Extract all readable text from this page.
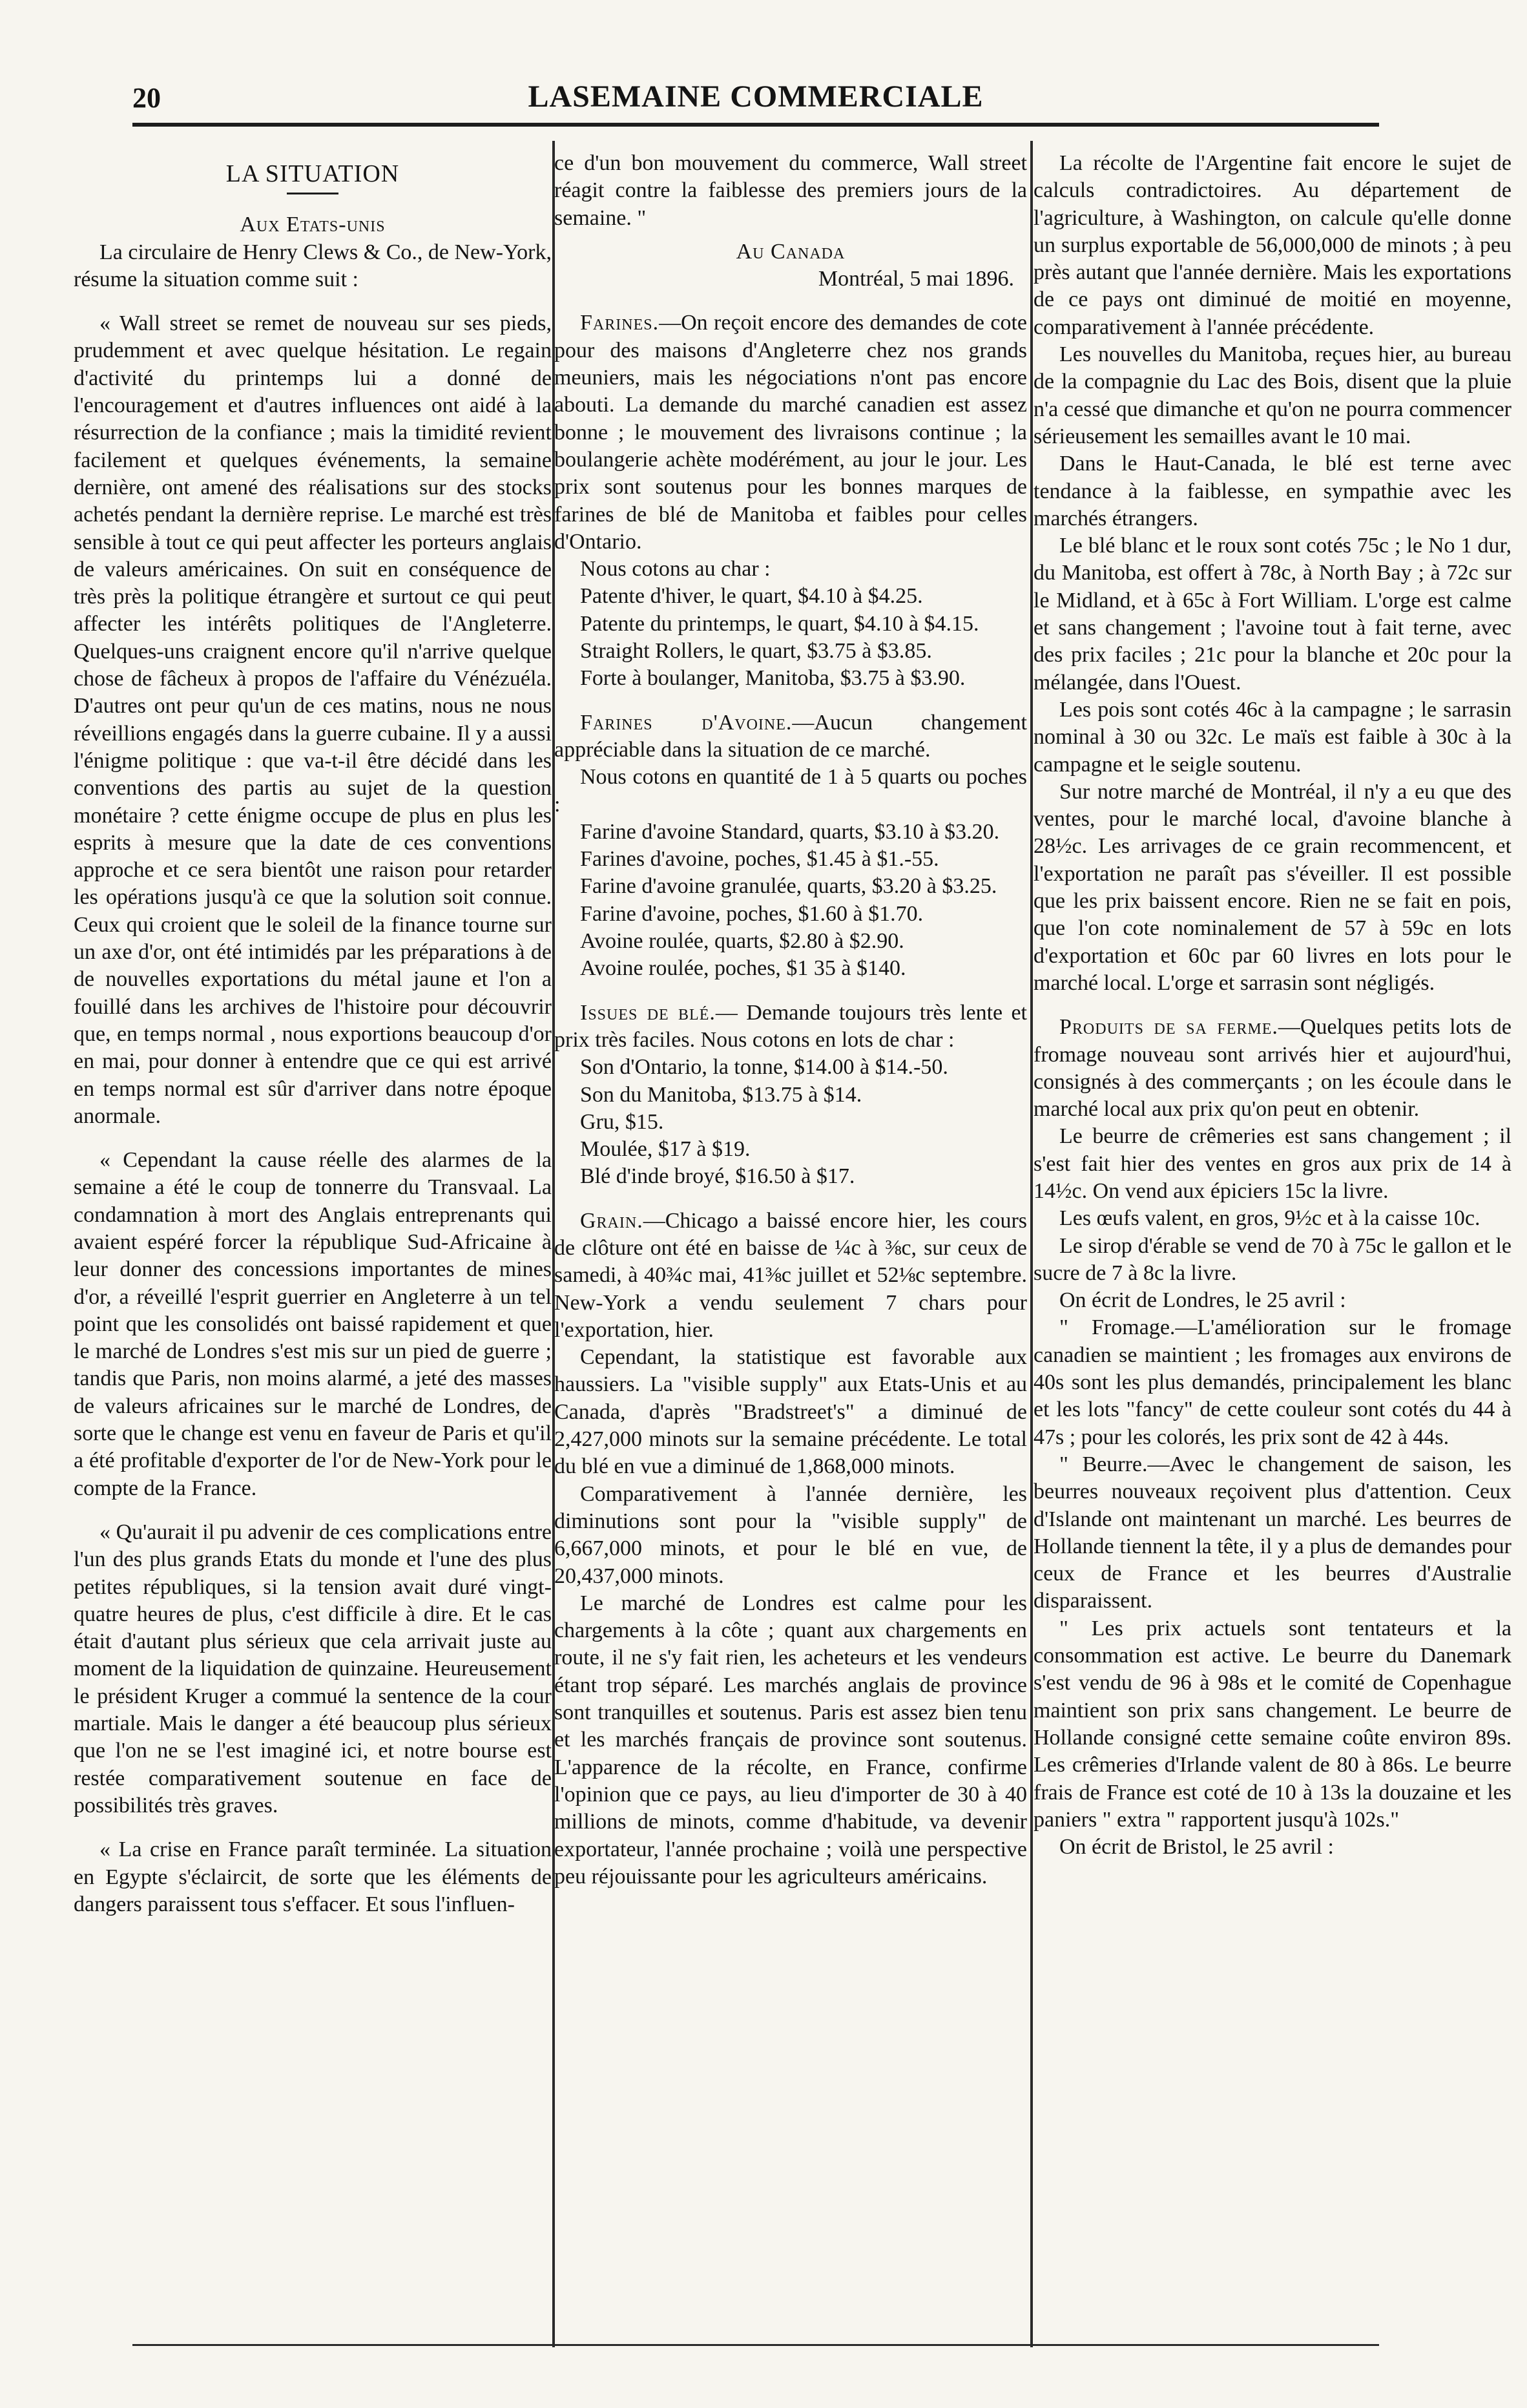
20	LASEMAINE COMMERCIALE
LA SITUATION

Aux Etats-unis

La circulaire de Henry Clews & Co., de New-York, résume la situation comme suit :

« Wall street se remet de nouveau sur ses pieds, prudemment et avec quelque hésitation. Le regain d'activité du printemps lui a donné de l'encouragement et d'autres influences ont aidé à la résurrection de la confiance ; mais la timidité revient facilement et quelques événements, la semaine dernière, ont amené des réalisations sur des stocks achetés pendant la dernière reprise. Le marché est très sensible à tout ce qui peut affecter les porteurs anglais de valeurs américaines. On suit en conséquence de très près la politique étrangère et surtout ce qui peut affecter les intérêts politiques de l'Angleterre. Quelques-uns craignent encore qu'il n'arrive quelque chose de fâcheux à propos de l'affaire du Vénézuéla. D'autres ont peur qu'un de ces matins, nous ne nous réveillions engagés dans la guerre cubaine. Il y a aussi l'énigme politique : que va-t-il être décidé dans les conventions des partis au sujet de la question monétaire ? cette énigme occupe de plus en plus les esprits à mesure que la date de ces conventions approche et ce sera bientôt une raison pour retarder les opérations jusqu'à ce que la solution soit connue. Ceux qui croient que le soleil de la finance tourne sur un axe d'or, ont été intimidés par les préparations à de de nouvelles exportations du métal jaune et l'on a fouillé dans les archives de l'histoire pour découvrir que, en temps normal , nous exportions beaucoup d'or en mai, pour donner à entendre que ce qui est arrivé en temps normal est sûr d'arriver dans notre époque anormale.

« Cependant la cause réelle des alarmes de la semaine a été le coup de tonnerre du Transvaal. La condamnation à mort des Anglais entreprenants qui avaient espéré forcer la république Sud-Africaine à leur donner des concessions importantes de mines d'or, a réveillé l'esprit guerrier en Angleterre à un tel point que les consolidés ont baissé rapidement et que le marché de Londres s'est mis sur un pied de guerre ; tandis que Paris, non moins alarmé, a jeté des masses de valeurs africaines sur le marché de Londres, de sorte que le change est venu en faveur de Paris et qu'il a été profitable d'exporter de l'or de New-York pour le compte de la France.

« Qu'aurait il pu advenir de ces complications entre l'un des plus grands Etats du monde et l'une des plus petites républiques, si la tension avait duré vingt-quatre heures de plus, c'est difficile à dire. Et le cas était d'autant plus sérieux que cela arrivait juste au moment de la liquidation de quinzaine. Heureusement le président Kruger a commué la sentence de la cour martiale. Mais le danger a été beaucoup plus sérieux que l'on ne se l'est imaginé ici, et notre bourse est restée comparativement soutenue en face de possibilités très graves.

« La crise en France paraît terminée. La situation en Egypte s'éclaircit, de sorte que les éléments de dangers paraissent tous s'effacer. Et sous l'influen-

ce d'un bon mouvement du commerce, Wall street réagit contre la faiblesse des premiers jours de la semaine. "

Au Canada

Montréal, 5 mai 1896.

Farines.—On reçoit encore des demandes de cote pour des maisons d'Angleterre chez nos grands meuniers, mais les négociations n'ont pas encore abouti. La demande du marché canadien est assez bonne ; le mouvement des livraisons continue ; la boulangerie achète modérément, au jour le jour. Les prix sont soutenus pour les bonnes marques de farines de blé de Manitoba et faibles pour celles d'Ontario.

Nous cotons au char :

Patente d'hiver, le quart, $4.10 à $4.25.

Patente du printemps, le quart, $4.10 à $4.15.

Straight Rollers, le quart, $3.75 à $3.85.

Forte à boulanger, Manitoba, $3.75 à $3.90.

Farines d'Avoine.—Aucun changement appréciable dans la situation de ce marché.

Nous cotons en quantité de 1 à 5 quarts ou poches :

Farine d'avoine Standard, quarts, $3.10 à $3.20.

Farines d'avoine, poches, $1.45 à $1.-55.

Farine d'avoine granulée, quarts, $3.20 à $3.25.

Farine d'avoine, poches, $1.60 à $1.70.

Avoine roulée, quarts, $2.80 à $2.90.

Avoine roulée, poches, $1 35 à $140.

Issues de blé.— Demande toujours très lente et prix très faciles. Nous cotons en lots de char :

Son d'Ontario, la tonne, $14.00 à $14.-50.

Son du Manitoba, $13.75 à $14.

Gru, $15.

Moulée, $17 à $19.

Blé d'inde broyé, $16.50 à $17.

Grain.—Chicago a baissé encore hier, les cours de clôture ont été en baisse de ¼c à ⅜c, sur ceux de samedi, à 40¾c mai, 41⅜c juillet et 52⅛c septembre. New-York a vendu seulement 7 chars pour l'exportation, hier.

Cependant, la statistique est favorable aux haussiers. La "visible supply" aux Etats-Unis et au Canada, d'après "Bradstreet's" a diminué de 2,427,000 minots sur la semaine précédente. Le total du blé en vue a diminué de 1,868,000 minots.

Comparativement à l'année dernière, les diminutions sont pour la "visible supply" de 6,667,000 minots, et pour le blé en vue, de 20,437,000 minots.

Le marché de Londres est calme pour les chargements à la côte ; quant aux chargements en route, il ne s'y fait rien, les acheteurs et les vendeurs étant trop séparé. Les marchés anglais de province sont tranquilles et soutenus. Paris est assez bien tenu et les marchés français de province sont soutenus. L'apparence de la récolte, en France, confirme l'opinion que ce pays, au lieu d'importer de 30 à 40 millions de minots, comme d'habitude, va devenir exportateur, l'année prochaine ; voilà une perspective peu réjouissante pour les agriculteurs américains.

La récolte de l'Argentine fait encore le sujet de calculs contradictoires. Au département de l'agriculture, à Washington, on calcule qu'elle donne un surplus exportable de 56,000,000 de minots ; à peu près autant que l'année dernière. Mais les exportations de ce pays ont diminué de moitié en moyenne, comparativement à l'année précédente.

Les nouvelles du Manitoba, reçues hier, au bureau de la compagnie du Lac des Bois, disent que la pluie n'a cessé que dimanche et qu'on ne pourra commencer sérieusement les semailles avant le 10 mai.

Dans le Haut-Canada, le blé est terne avec tendance à la faiblesse, en sympathie avec les marchés étrangers.

Le blé blanc et le roux sont cotés 75c ; le No 1 dur, du Manitoba, est offert à 78c, à North Bay ; à 72c sur le Midland, et à 65c à Fort William. L'orge est calme et sans changement ; l'avoine tout à fait terne, avec des prix faciles ; 21c pour la blanche et 20c pour la mélangée, dans l'Ouest.

Les pois sont cotés 46c à la campagne ; le sarrasin nominal à 30 ou 32c. Le maïs est faible à 30c à la campagne et le seigle soutenu.

Sur notre marché de Montréal, il n'y a eu que des ventes, pour le marché local, d'avoine blanche à 28½c. Les arrivages de ce grain recommencent, et l'exportation ne paraît pas s'éveiller. Il est possible que les prix baissent encore. Rien ne se fait en pois, que l'on cote nominalement de 57 à 59c en lots d'exportation et 60c par 60 livres en lots pour le marché local. L'orge et sarrasin sont négligés.

Produits de sa ferme.—Quelques petits lots de fromage nouveau sont arrivés hier et aujourd'hui, consignés à des commerçants ; on les écoule dans le marché local aux prix qu'on peut en obtenir.

Le beurre de crêmeries est sans changement ; il s'est fait hier des ventes en gros aux prix de 14 à 14½c. On vend aux épiciers 15c la livre.

Les œufs valent, en gros, 9½c et à la caisse 10c.

Le sirop d'érable se vend de 70 à 75c le gallon et le sucre de 7 à 8c la livre.

On écrit de Londres, le 25 avril :

" Fromage.—L'amélioration sur le fromage canadien se maintient ; les fromages aux environs de 40s sont les plus demandés, principalement les blanc et les lots "fancy" de cette couleur sont cotés du 44 à 47s ; pour les colorés, les prix sont de 42 à 44s.

" Beurre.—Avec le changement de saison, les beurres nouveaux reçoivent plus d'attention. Ceux d'Islande ont maintenant un marché. Les beurres de Hollande tiennent la tête, il y a plus de demandes pour ceux de France et les beurres d'Australie disparaissent.

" Les prix actuels sont tentateurs et la consommation est active. Le beurre du Danemark s'est vendu de 96 à 98s et le comité de Copenhague maintient son prix sans changement. Le beurre de Hollande consigné cette semaine coûte environ 89s. Les crêmeries d'Irlande valent de 80 à 86s. Le beurre frais de France est coté de 10 à 13s la douzaine et les paniers " extra " rapportent jusqu'à 102s."

On écrit de Bristol, le 25 avril :
